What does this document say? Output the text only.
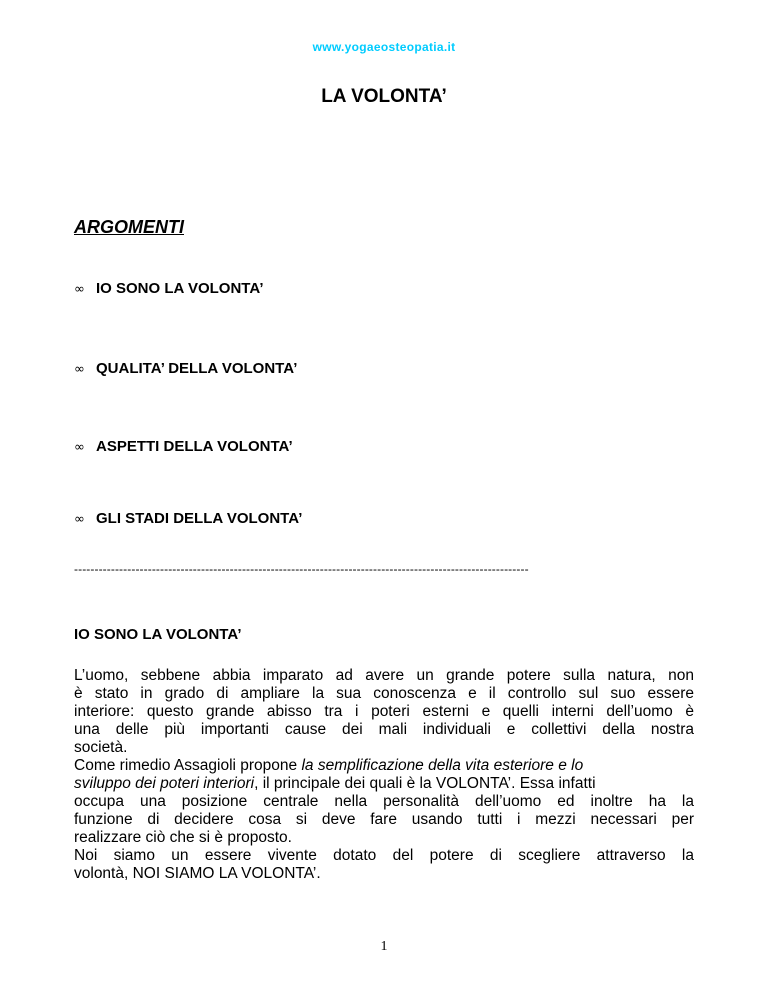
www.yogaeosteopatia.it
LA VOLONTA’
ARGOMENTI
∞ IO SONO LA VOLONTA’
∞ QUALITA’ DELLA VOLONTA’
∞ ASPETTI DELLA VOLONTA’
∞ GLI STADI DELLA VOLONTA’
---------------------------------------------------------------------------------------------------------------
IO SONO LA VOLONTA’
L’uomo, sebbene abbia imparato ad avere un grande potere sulla natura, non
è stato in grado di ampliare la sua conoscenza e il controllo sul suo essere
interiore: questo grande abisso tra i poteri esterni e quelli interni dell’uomo è
una delle più importanti cause dei mali individuali e collettivi della nostra
società.
Come rimedio Assagioli propone la semplificazione della vita esteriore e lo
sviluppo dei poteri interiori, il principale dei quali è la VOLONTA’. Essa infatti
occupa una posizione centrale nella personalità dell’uomo ed inoltre ha la
funzione di decidere cosa si deve fare usando tutti i mezzi necessari per
realizzare ciò che si è proposto.
Noi siamo un essere vivente dotato del potere di scegliere attraverso la
volontà, NOI SIAMO LA VOLONTA’.
1
